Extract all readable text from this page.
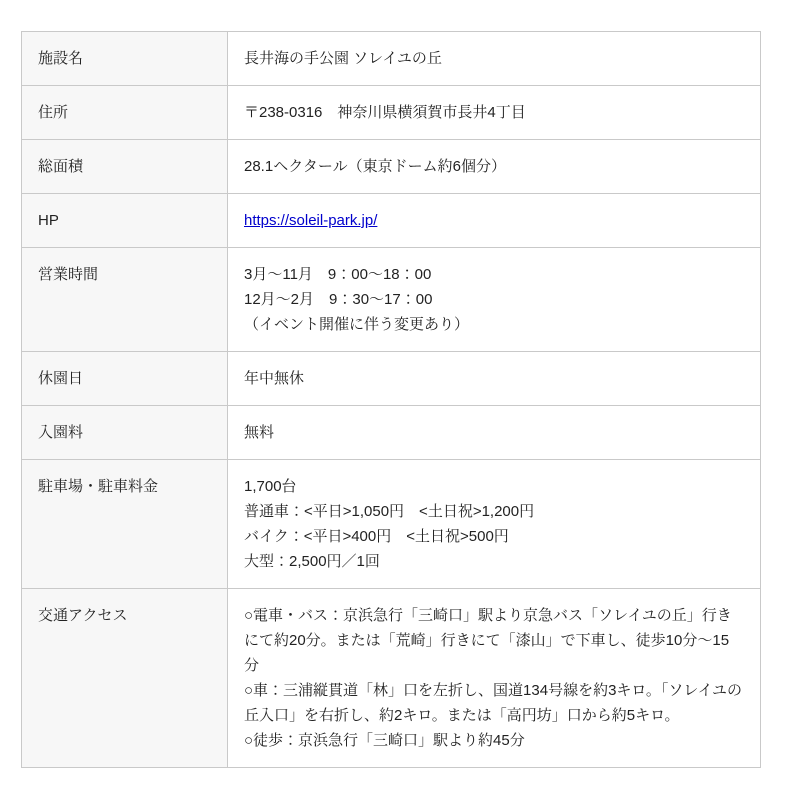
施設名	長井海の手公園 ソレイユの丘

住所	〒238-0316　神奈川県横須賀市長井4丁目

総面積	28.1ヘクタール（東京ドーム約6個分）

HP	https://soleil-park.jp/
営業時間	3月～11月　9：00～18：00
12月～2月　9：30～17：00
（イベント開催に伴う変更あり）

休園日	年中無休

入園料	無料

駐車場・駐車料金	1,700台
普通車：<平日>1,050円　<土日祝>1,200円
バイク：<平日>400円　<土日祝>500円
大型：2,500円／1回

交通アクセス	○電車・バス：京浜急行「三崎口」駅より京急バス「ソレイユの丘」行きにて約20分。または「荒崎」行きにて「漆山」で下車し、徒歩10分～15分
○車：三浦縦貫道「林」口を左折し、国道134号線を約3キロ。「ソレイユの丘入口」を右折し、約2キロ。または「高円坊」口から約5キロ。
○徒歩：京浜急行「三崎口」駅より約45分
